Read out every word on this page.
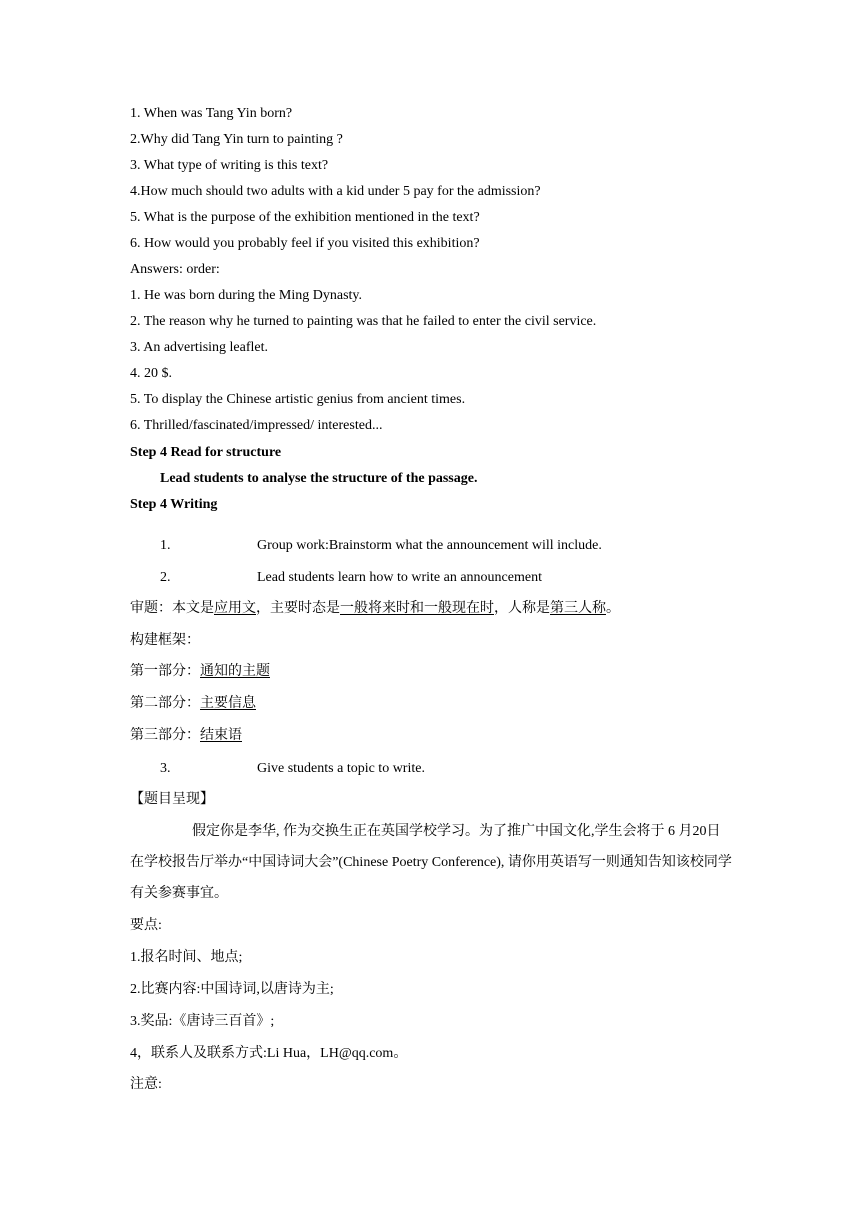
1. When was Tang Yin born?
2.Why did Tang Yin turn to painting ?
3. What type of writing is this text?
4.How much should two adults with a kid under 5 pay for the admission?
5. What is the purpose of the exhibition mentioned in the text?
6. How would you probably feel if you visited this exhibition?
Answers: order:
1. He was born during the Ming Dynasty.
2. The reason why he turned to painting was that he failed to enter the civil service.
3. An advertising leaflet.
4. 20 $.
5. To display the Chinese artistic genius from ancient times.
6. Thrilled/fascinated/impressed/ interested...
Step 4 Read for structure
Lead students to analyse the structure of the passage.
Step 4 Writing
1.	Group work:Brainstorm what the announcement will include.
2.	Lead students learn how to write an announcement
审题：本文是应用文，主要时态是一般将来时和一般现在时，人称是第三人称。
构建框架：
第一部分：通知的主题
第二部分：主要信息
第三部分：结束语
3.	Give students a topic to write.
【题目呈现】
假定你是李华, 作为交换生正在英国学校学习。为了推广中国文化,学生会将于 6 月20日在学校报告厅举办“中国诗词大会”(Chinese Poetry Conference), 请你用英语写一则通知告知该校同学有关参赛事宜。
要点:
1.报名时间、地点;
2.比赛内容:中国诗词,以唐诗为主;
3.奖品:《唐诗三百首》;
4，联系人及联系方式:Li Hua，LH@qq.com。
注意:
